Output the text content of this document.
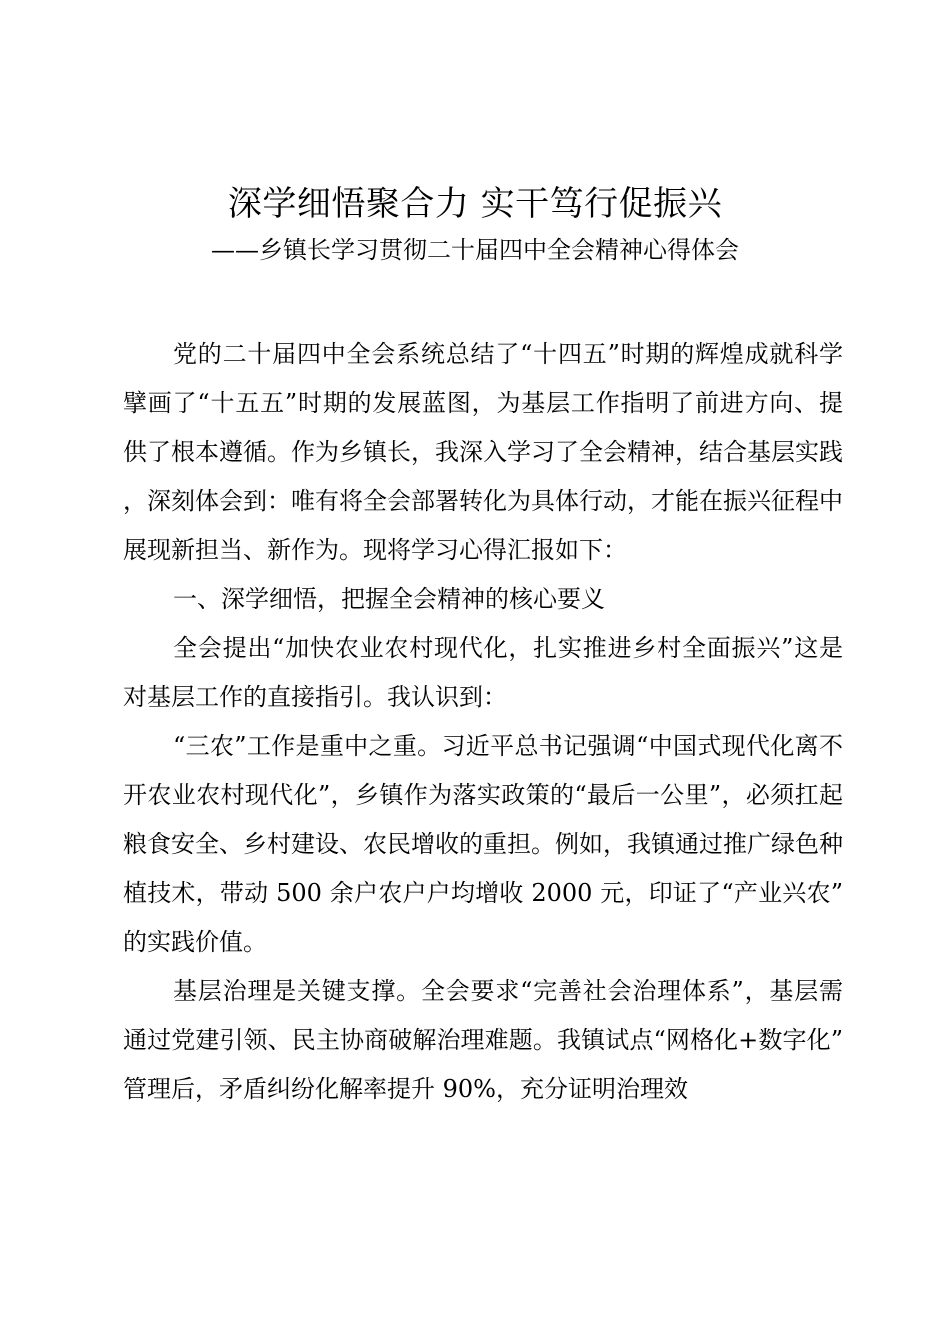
深学细悟聚合力 实干笃行促振兴
——乡镇长学习贯彻二十届四中全会精神心得体会

党的二十届四中全会系统总结了“十四五”时期的辉煌成就科学擘画了“十五五”时期的发展蓝图，为基层工作指明了前进方向、提供了根本遵循。作为乡镇长，我深入学习了全会精神，结合基层实践，深刻体会到：唯有将全会部署转化为具体行动，才能在振兴征程中展现新担当、新作为。现将学习心得汇报如下：

一、深学细悟，把握全会精神的核心要义

全会提出“加快农业农村现代化，扎实推进乡村全面振兴”这是对基层工作的直接指引。我认识到：

“三农”工作是重中之重。习近平总书记强调“中国式现代化离不开农业农村现代化”，乡镇作为落实政策的“最后一公里”，必须扛起粮食安全、乡村建设、农民增收的重担。例如，我镇通过推广绿色种植技术，带动 500 余户农户户均增收 2000 元，印证了“产业兴农”的实践价值。

基层治理是关键支撑。全会要求“完善社会治理体系”，基层需通过党建引领、民主协商破解治理难题。我镇试点“网格化+数字化”管理后，矛盾纠纷化解率提升 90%，充分证明治理效
